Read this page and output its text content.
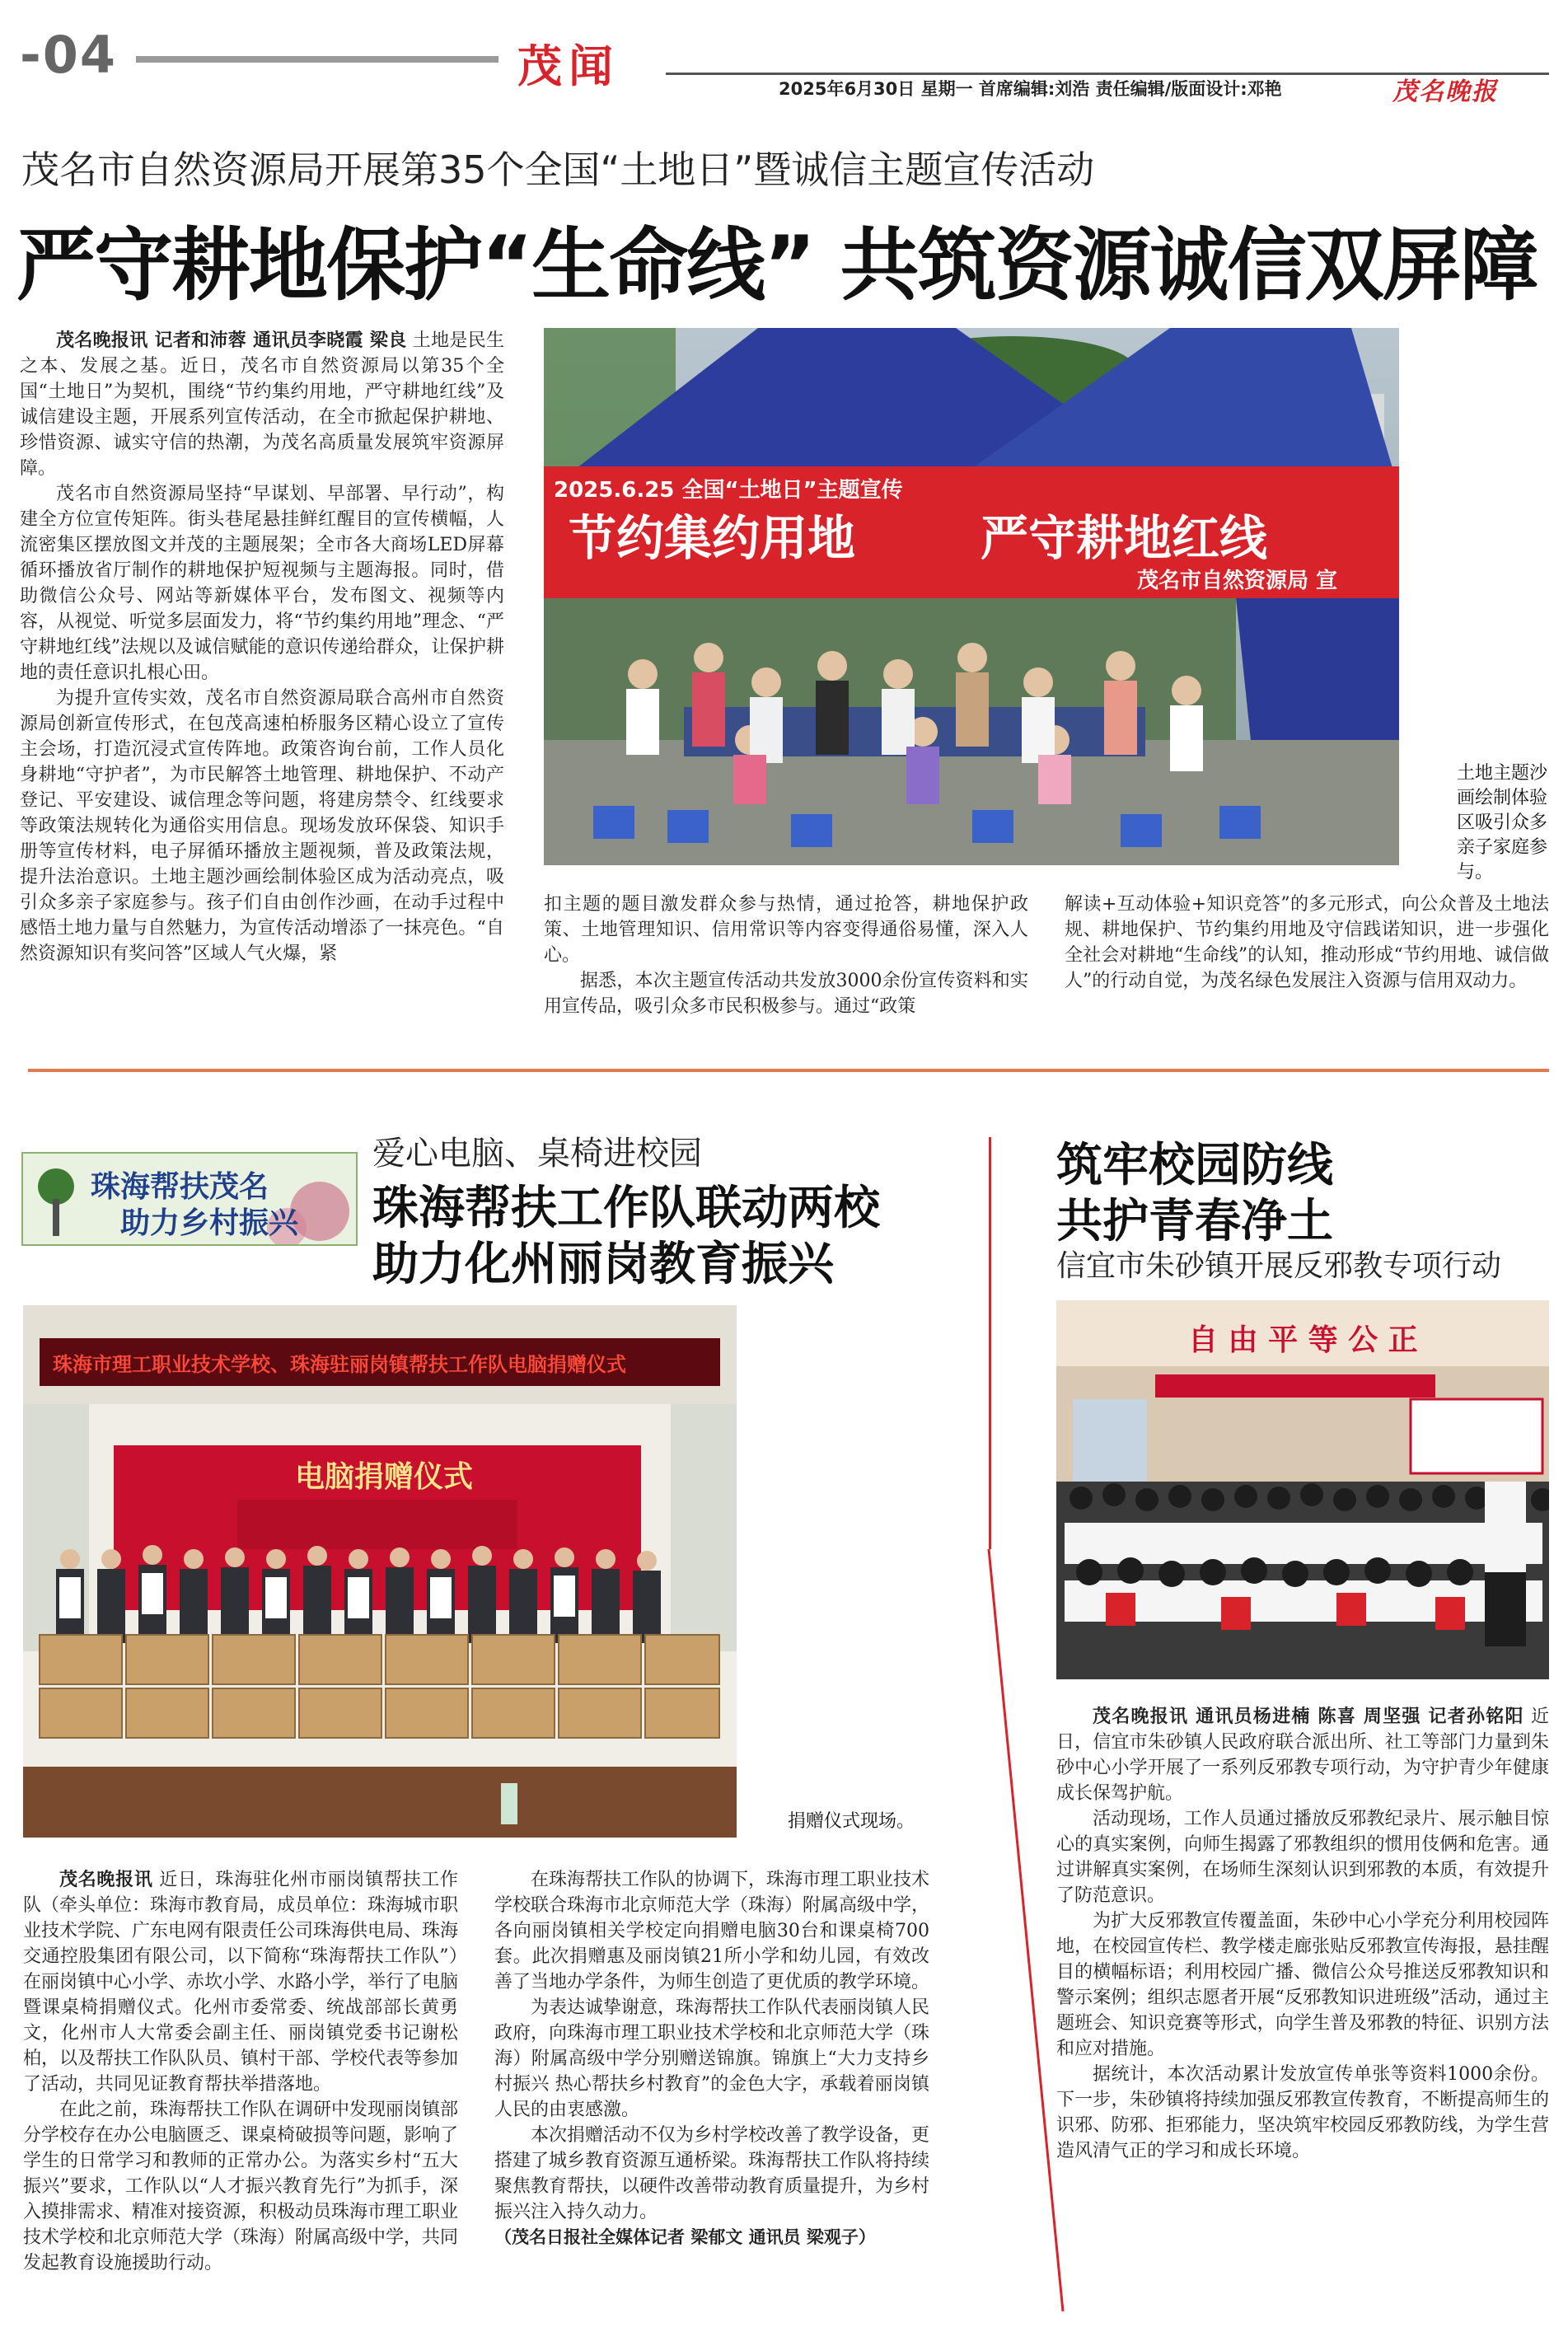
-04	茂闻	2025年6月30日 星期一 首席编辑:刘浩 责任编辑/版面设计:邓艳	茂名晚报
茂名市自然资源局开展第35个全国“土地日”暨诚信主题宣传活动
严守耕地保护“生命线” 共筑资源诚信双屏障

茂名晚报讯 记者和沛蓉 通讯员李晓霞 梁良 土地是民生之本、发展之基。近日，茂名市自然资源局以第35个全国“土地日”为契机，围绕“节约集约用地，严守耕地红线”及诚信建设主题，开展系列宣传活动，在全市掀起保护耕地、珍惜资源、诚实守信的热潮，为茂名高质量发展筑牢资源屏障。

茂名市自然资源局坚持“早谋划、早部署、早行动”，构建全方位宣传矩阵。街头巷尾悬挂鲜红醒目的宣传横幅，人流密集区摆放图文并茂的主题展架；全市各大商场LED屏幕循环播放省厅制作的耕地保护短视频与主题海报。同时，借助微信公众号、网站等新媒体平台，发布图文、视频等内容，从视觉、听觉多层面发力，将“节约集约用地”理念、“严守耕地红线”法规以及诚信赋能的意识传递给群众，让保护耕地的责任意识扎根心田。

为提升宣传实效，茂名市自然资源局联合高州市自然资源局创新宣传形式，在包茂高速柏桥服务区精心设立了宣传主会场，打造沉浸式宣传阵地。政策咨询台前，工作人员化身耕地“守护者”，为市民解答土地管理、耕地保护、不动产登记、平安建设、诚信理念等问题，将建房禁令、红线要求等政策法规转化为通俗实用信息。现场发放环保袋、知识手册等宣传材料，电子屏循环播放主题视频，普及政策法规，提升法治意识。土地主题沙画绘制体验区成为活动亮点，吸引众多亲子家庭参与。孩子们自由创作沙画，在动手过程中感悟土地力量与自然魅力，为宣传活动增添了一抹亮色。“自然资源知识有奖问答”区域人气火爆，紧

2025.6.25 全国“土地日”主题宣传
节约集约用地	严守耕地红线
茂名市自然资源局 宣
土地主题沙画绘制体验区吸引众多亲子家庭参与。

扣主题的题目激发群众参与热情，通过抢答，耕地保护政策、土地管理知识、信用常识等内容变得通俗易懂，深入人心。

据悉，本次主题宣传活动共发放3000余份宣传资料和实用宣传品，吸引众多市民积极参与。通过“政策

解读+互动体验+知识竞答”的多元形式，向公众普及土地法规、耕地保护、节约集约用地及守信践诺知识，进一步强化全社会对耕地“生命线”的认知，推动形成“节约用地、诚信做人”的行动自觉，为茂名绿色发展注入资源与信用双动力。

珠海帮扶茂名
助力乡村振兴
爱心电脑、桌椅进校园
珠海帮扶工作队联动两校
助力化州丽岗教育振兴
珠海市理工职业技术学校、珠海驻丽岗镇帮扶工作队电脑捐赠仪式
电脑捐赠仪式
捐赠仪式现场。

茂名晚报讯 近日，珠海驻化州市丽岗镇帮扶工作队（牵头单位：珠海市教育局，成员单位：珠海城市职业技术学院、广东电网有限责任公司珠海供电局、珠海交通控股集团有限公司，以下简称“珠海帮扶工作队”）在丽岗镇中心小学、赤坎小学、水路小学，举行了电脑暨课桌椅捐赠仪式。化州市委常委、统战部部长黄勇文，化州市人大常委会副主任、丽岗镇党委书记谢松柏，以及帮扶工作队队员、镇村干部、学校代表等参加了活动，共同见证教育帮扶举措落地。

在此之前，珠海帮扶工作队在调研中发现丽岗镇部分学校存在办公电脑匮乏、课桌椅破损等问题，影响了学生的日常学习和教师的正常办公。为落实乡村“五大振兴”要求，工作队以“人才振兴教育先行”为抓手，深入摸排需求、精准对接资源，积极动员珠海市理工职业技术学校和北京师范大学（珠海）附属高级中学，共同发起教育设施援助行动。

在珠海帮扶工作队的协调下，珠海市理工职业技术学校联合珠海市北京师范大学（珠海）附属高级中学，各向丽岗镇相关学校定向捐赠电脑30台和课桌椅700套。此次捐赠惠及丽岗镇21所小学和幼儿园，有效改善了当地办学条件，为师生创造了更优质的教学环境。

为表达诚挚谢意，珠海帮扶工作队代表丽岗镇人民政府，向珠海市理工职业技术学校和北京师范大学（珠海）附属高级中学分别赠送锦旗。锦旗上“大力支持乡村振兴 热心帮扶乡村教育”的金色大字，承载着丽岗镇人民的由衷感激。

本次捐赠活动不仅为乡村学校改善了教学设备，更搭建了城乡教育资源互通桥梁。珠海帮扶工作队将持续聚焦教育帮扶，以硬件改善带动教育质量提升，为乡村振兴注入持久动力。

（茂名日报社全媒体记者 梁郁文 通讯员 梁观子）

筑牢校园防线
共护青春净土
信宜市朱砂镇开展反邪教专项行动
自 由 平 等 公 正

茂名晚报讯 通讯员杨进楠 陈喜 周坚强 记者孙铭阳 近日，信宜市朱砂镇人民政府联合派出所、社工等部门力量到朱砂中心小学开展了一系列反邪教专项行动，为守护青少年健康成长保驾护航。

活动现场，工作人员通过播放反邪教纪录片、展示触目惊心的真实案例，向师生揭露了邪教组织的惯用伎俩和危害。通过讲解真实案例，在场师生深刻认识到邪教的本质，有效提升了防范意识。

为扩大反邪教宣传覆盖面，朱砂中心小学充分利用校园阵地，在校园宣传栏、教学楼走廊张贴反邪教宣传海报，悬挂醒目的横幅标语；利用校园广播、微信公众号推送反邪教知识和警示案例；组织志愿者开展“反邪教知识进班级”活动，通过主题班会、知识竞赛等形式，向学生普及邪教的特征、识别方法和应对措施。

据统计，本次活动累计发放宣传单张等资料1000余份。下一步，朱砂镇将持续加强反邪教宣传教育，不断提高师生的识邪、防邪、拒邪能力，坚决筑牢校园反邪教防线，为学生营造风清气正的学习和成长环境。
